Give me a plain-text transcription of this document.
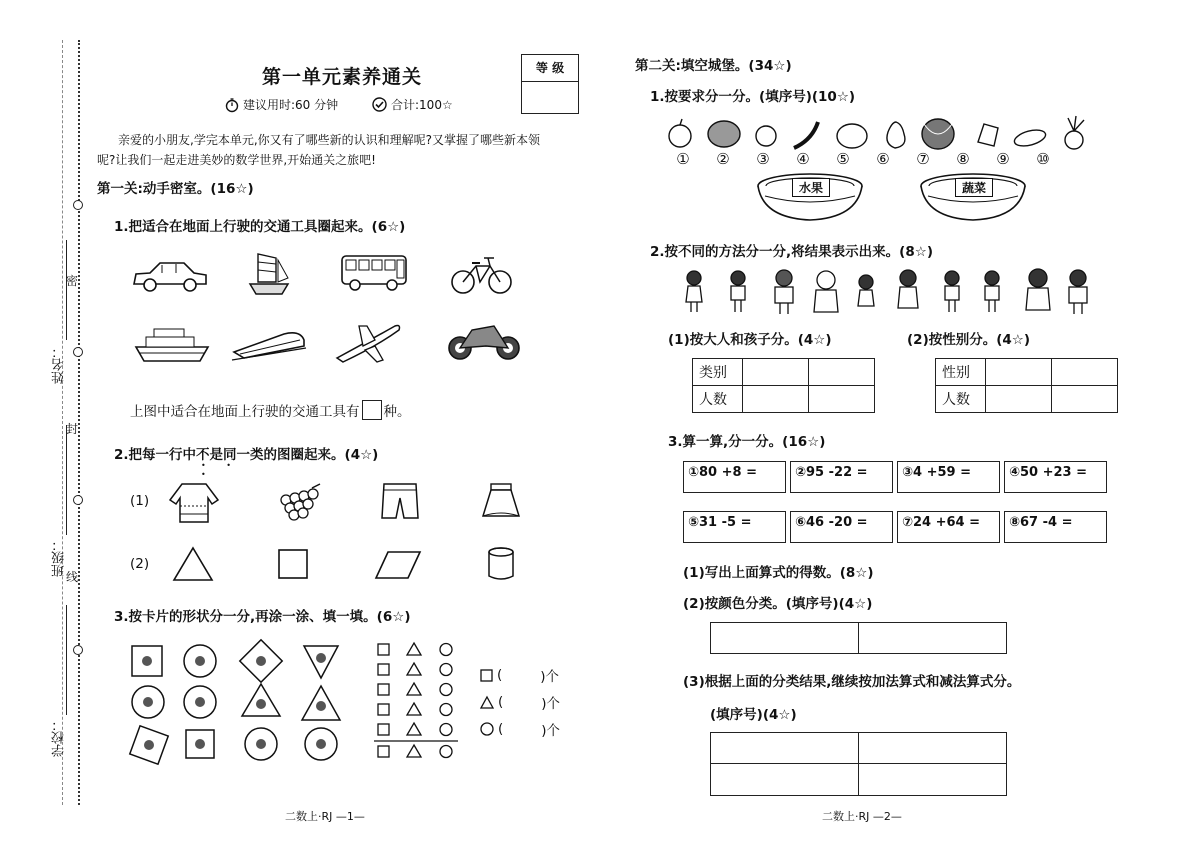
密
封
线
学校：
班级：
姓名：
第一单元素养通关
建议用时:60 分钟	合计:100☆
等 级
亲爱的小朋友,学完本单元,你又有了哪些新的认识和理解呢?又掌握了哪些新本领
呢?让我们一起走进美妙的数学世界,开始通关之旅吧!
第一关:动手密室。(16☆)
1.把适合在地面上行驶的交通工具圈起来。(6☆)
上图中适合在地面上行驶的交通工具有 种。
2.把每一行中不是同一类的图圈起来。(4☆)
• • •
(1)
(2)
3.按卡片的形状分一分,再涂一涂、填一填。(6☆)
(	)个
(	)个
(	)个
二数上·RJ —1—
第二关:填空城堡。(34☆)
1.按要求分一分。(填序号)(10☆)
① ② ③ ④ ⑤ ⑥ ⑦ ⑧ ⑨ ⑩
水果	蔬菜
2.按不同的方法分一分,将结果表示出来。(8☆)
(1)按大人和孩子分。(4☆)	(2)按性别分。(4☆)
类别		
人数		
性别		
人数		
3.算一算,分一分。(16☆)
①80 +8 =	②95 -22 =	③4 +59 =	④50 +23 =
⑤31 -5 =	⑥46 -20 =	⑦24 +64 =	⑧67 -4 =
(1)写出上面算式的得数。(8☆)
(2)按颜色分类。(填序号)(4☆)
(3)根据上面的分类结果,继续按加法算式和减法算式分。
(填序号)(4☆)
二数上·RJ —2—
